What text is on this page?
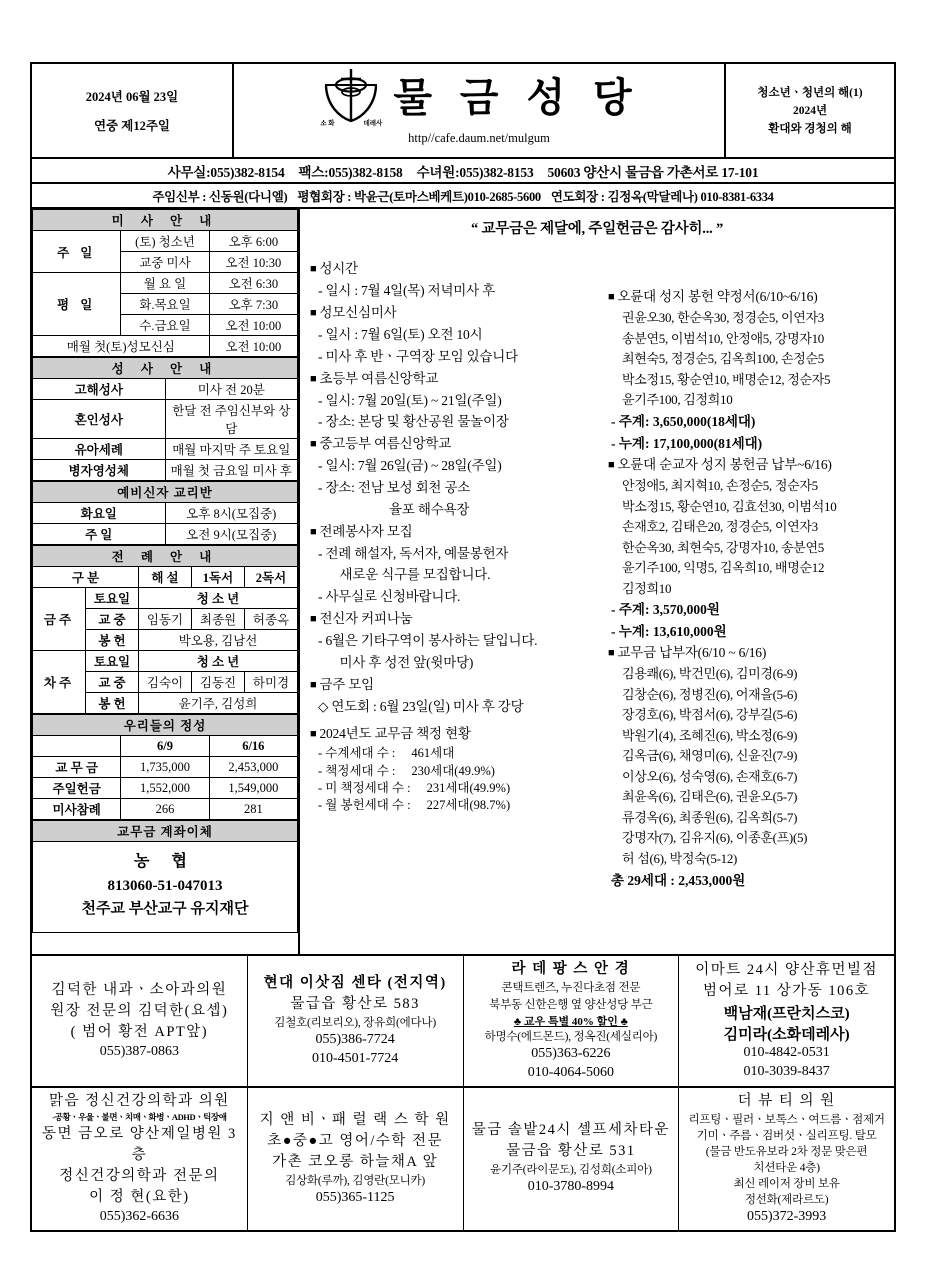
2024년 06월 23일
연중 제12주일	소 화	데레사
물 금 성 당
http//cafe.daum.net/mulgum
청소년ㆍ청년의 해(1)
2024년
환대와 경청의 해
사무실:055)382-8154 팩스:055)382-8158 수녀원:055)382-8153 50603 양산시 물금읍 가촌서로 17-101
주임신부 : 신동원(다니엘) 평협회장 : 박윤근(토마스베케트)010-2685-5600 연도회장 : 김정옥(막달레나) 010-8381-6334
미 사 안 내		
주 일	(토) 청소년	오후 6:00
	교중 미사	오전 10:30
평 일	월 요 일	오전 6:30
	화.목요일	오후 7:30
	수.금요일	오전 10:00
매월 첫(토)성모신심		오전 10:00
성 사 안 내	
고해성사	미사 전 20분
혼인성사	한달 전 주임신부와 상담
유아세례	매월 마지막 주 토요일
병자영성체	매월 첫 금요일 미사 후
예비신자 교리반	
화요일	오후 8시(모집중)
주 일	오전 9시(모집중)
전 례 안 내				
구 분		해 설	1독서	2독서
금주	토요일	청 소 년		
	교 중	임동기	최종원	허종옥
	봉 헌	박오용, 김남선		
차주	토요일	청 소 년		
	교 중	김숙이	김동진	하미경
	봉 헌	윤기주, 김성희		
우리들의 정성		
	6/9	6/16
교 무 금	1,735,000	2,453,000
주일헌금	1,552,000	1,549,000
미사참례	266	281
교무금 계좌이체
농 협
813060-51-047013
천주교 부산교구 유지재단
“ 교무금은 제달에, 주일헌금은 감사히... ”
■ 성시간
- 일시 : 7월 4일(목) 저녁미사 후
■ 성모신심미사
- 일시 : 7월 6일(토) 오전 10시
- 미사 후 반ㆍ구역장 모임 있습니다
■ 초등부 여름신앙학교
- 일시: 7월 20일(토) ~ 21일(주일)
- 장소: 본당 및 황산공원 물놀이장
■ 중고등부 여름신앙학교
- 일시: 7월 26일(금) ~ 28일(주일)
- 장소: 전남 보성 회천 공소
율포 해수욕장
■ 전례봉사자 모집
- 전례 해설자, 독서자, 예물봉헌자
새로운 식구를 모집합니다.
- 사무실로 신청바랍니다.
■ 전신자 커피나눔
- 6월은 기타구역이 봉사하는 달입니다.
미사 후 성전 앞(윗마당)
■ 금주 모임
◇ 연도회 : 6월 23일(일) 미사 후 강당
■ 2024년도 교무금 책정 현황
- 수계세대 수 : 461세대
- 책정세대 수 : 230세대(49.9%)
- 미 책정세대 수 : 231세대(49.9%)
- 월 봉헌세대 수 : 227세대(98.7%)
■ 오륜대 성지 봉헌 약정서(6/10~6/16)
권윤오30, 한순옥30, 정경순5, 이연자3
송분연5, 이범석10, 안정애5, 강명자10
최현숙5, 정경순5, 김옥희100, 손정순5
박소정15, 황순연10, 배명순12, 정순자5
윤기주100, 김정희10
- 주계: 3,650,000(18세대)
- 누계: 17,100,000(81세대)
■ 오륜대 순교자 성지 봉헌금 납부~6/16)
안정애5, 최지혁10, 손정순5, 정순자5
박소정15, 황순연10, 김효선30, 이범석10
손재호2, 김태은20, 정경순5, 이연자3
한순옥30, 최현숙5, 강명자10, 송분연5
윤기주100, 익명5, 김옥희10, 배명순12
김정희10
- 주계: 3,570,000원
- 누계: 13,610,000원
■ 교무금 납부자(6/10 ~ 6/16)
김용쾌(6), 박건민(6), 김미경(6-9)
김창순(6), 정병진(6), 어재을(5-6)
장경호(6), 박점서(6), 강부길(5-6)
박원기(4), 조혜진(6), 박소정(6-9)
김옥금(6), 채영미(6), 신윤진(7-9)
이상오(6), 성숙영(6), 손재호(6-7)
최윤옥(6), 김태은(6), 권윤오(5-7)
류경옥(6), 최종원(6), 김옥희(5-7)
강명자(7), 김유지(6), 이종훈(프)(5)
허 섬(6), 박정숙(5-12)
총 29세대 : 2,453,000원
김덕한 내과ㆍ소아과의원
원장 전문의 김덕한(요셉)
( 범어 황전 APT앞)
055)387-0863
현대 이삿짐 센타 (전지역)
물급읍 황산로 583
김철호(리보리오), 장유희(에다나)
055)386-7724
010-4501-7724
라 데 팡 스 안 경
콘택트렌즈, 누진다초점 전문
북부동 신한은행 옆 양산성당 부근
♣ 교우 특별 40% 할인 ♣
하명수(에드몬드), 정옥진(세실리아)
055)363-6226
010-4064-5060
이마트 24시 양산휴먼빌점
범어로 11 상가동 106호
백남재(프란치스코)
김미라(소화데레사)
010-4842-0531
010-3039-8437
맑음 정신건강의학과 의원
-공황ㆍ우울ㆍ불면ㆍ치매ㆍ화병ㆍADHDㆍ틱장애
동면 금오로 양산제일병원 3층
정신건강의학과 전문의
이 정 현(요한)
055)362-6636
지 앤 비ㆍ패 럴 랙 스 학 원
초●중●고 영어/수학 전문
가촌 코오롱 하늘채A 앞
김상화(루까), 김영란(모니카)
055)365-1125
물금 솔밭24시 셀프세차타운
물금읍 황산로 531
윤기주(라이문도), 김성희(소피아)
010-3780-8994
더 뷰 티 의 원
리프팅ㆍ필러ㆍ보톡스ㆍ여드름ㆍ점제거
기미ㆍ주름ㆍ검버섯ㆍ실리프팅. 탈모
(물금 반도유보라 2차 정문 맞은편
치션타운 4층)
최신 레이저 장비 보유
정선화(제라르도)
055)372-3993
